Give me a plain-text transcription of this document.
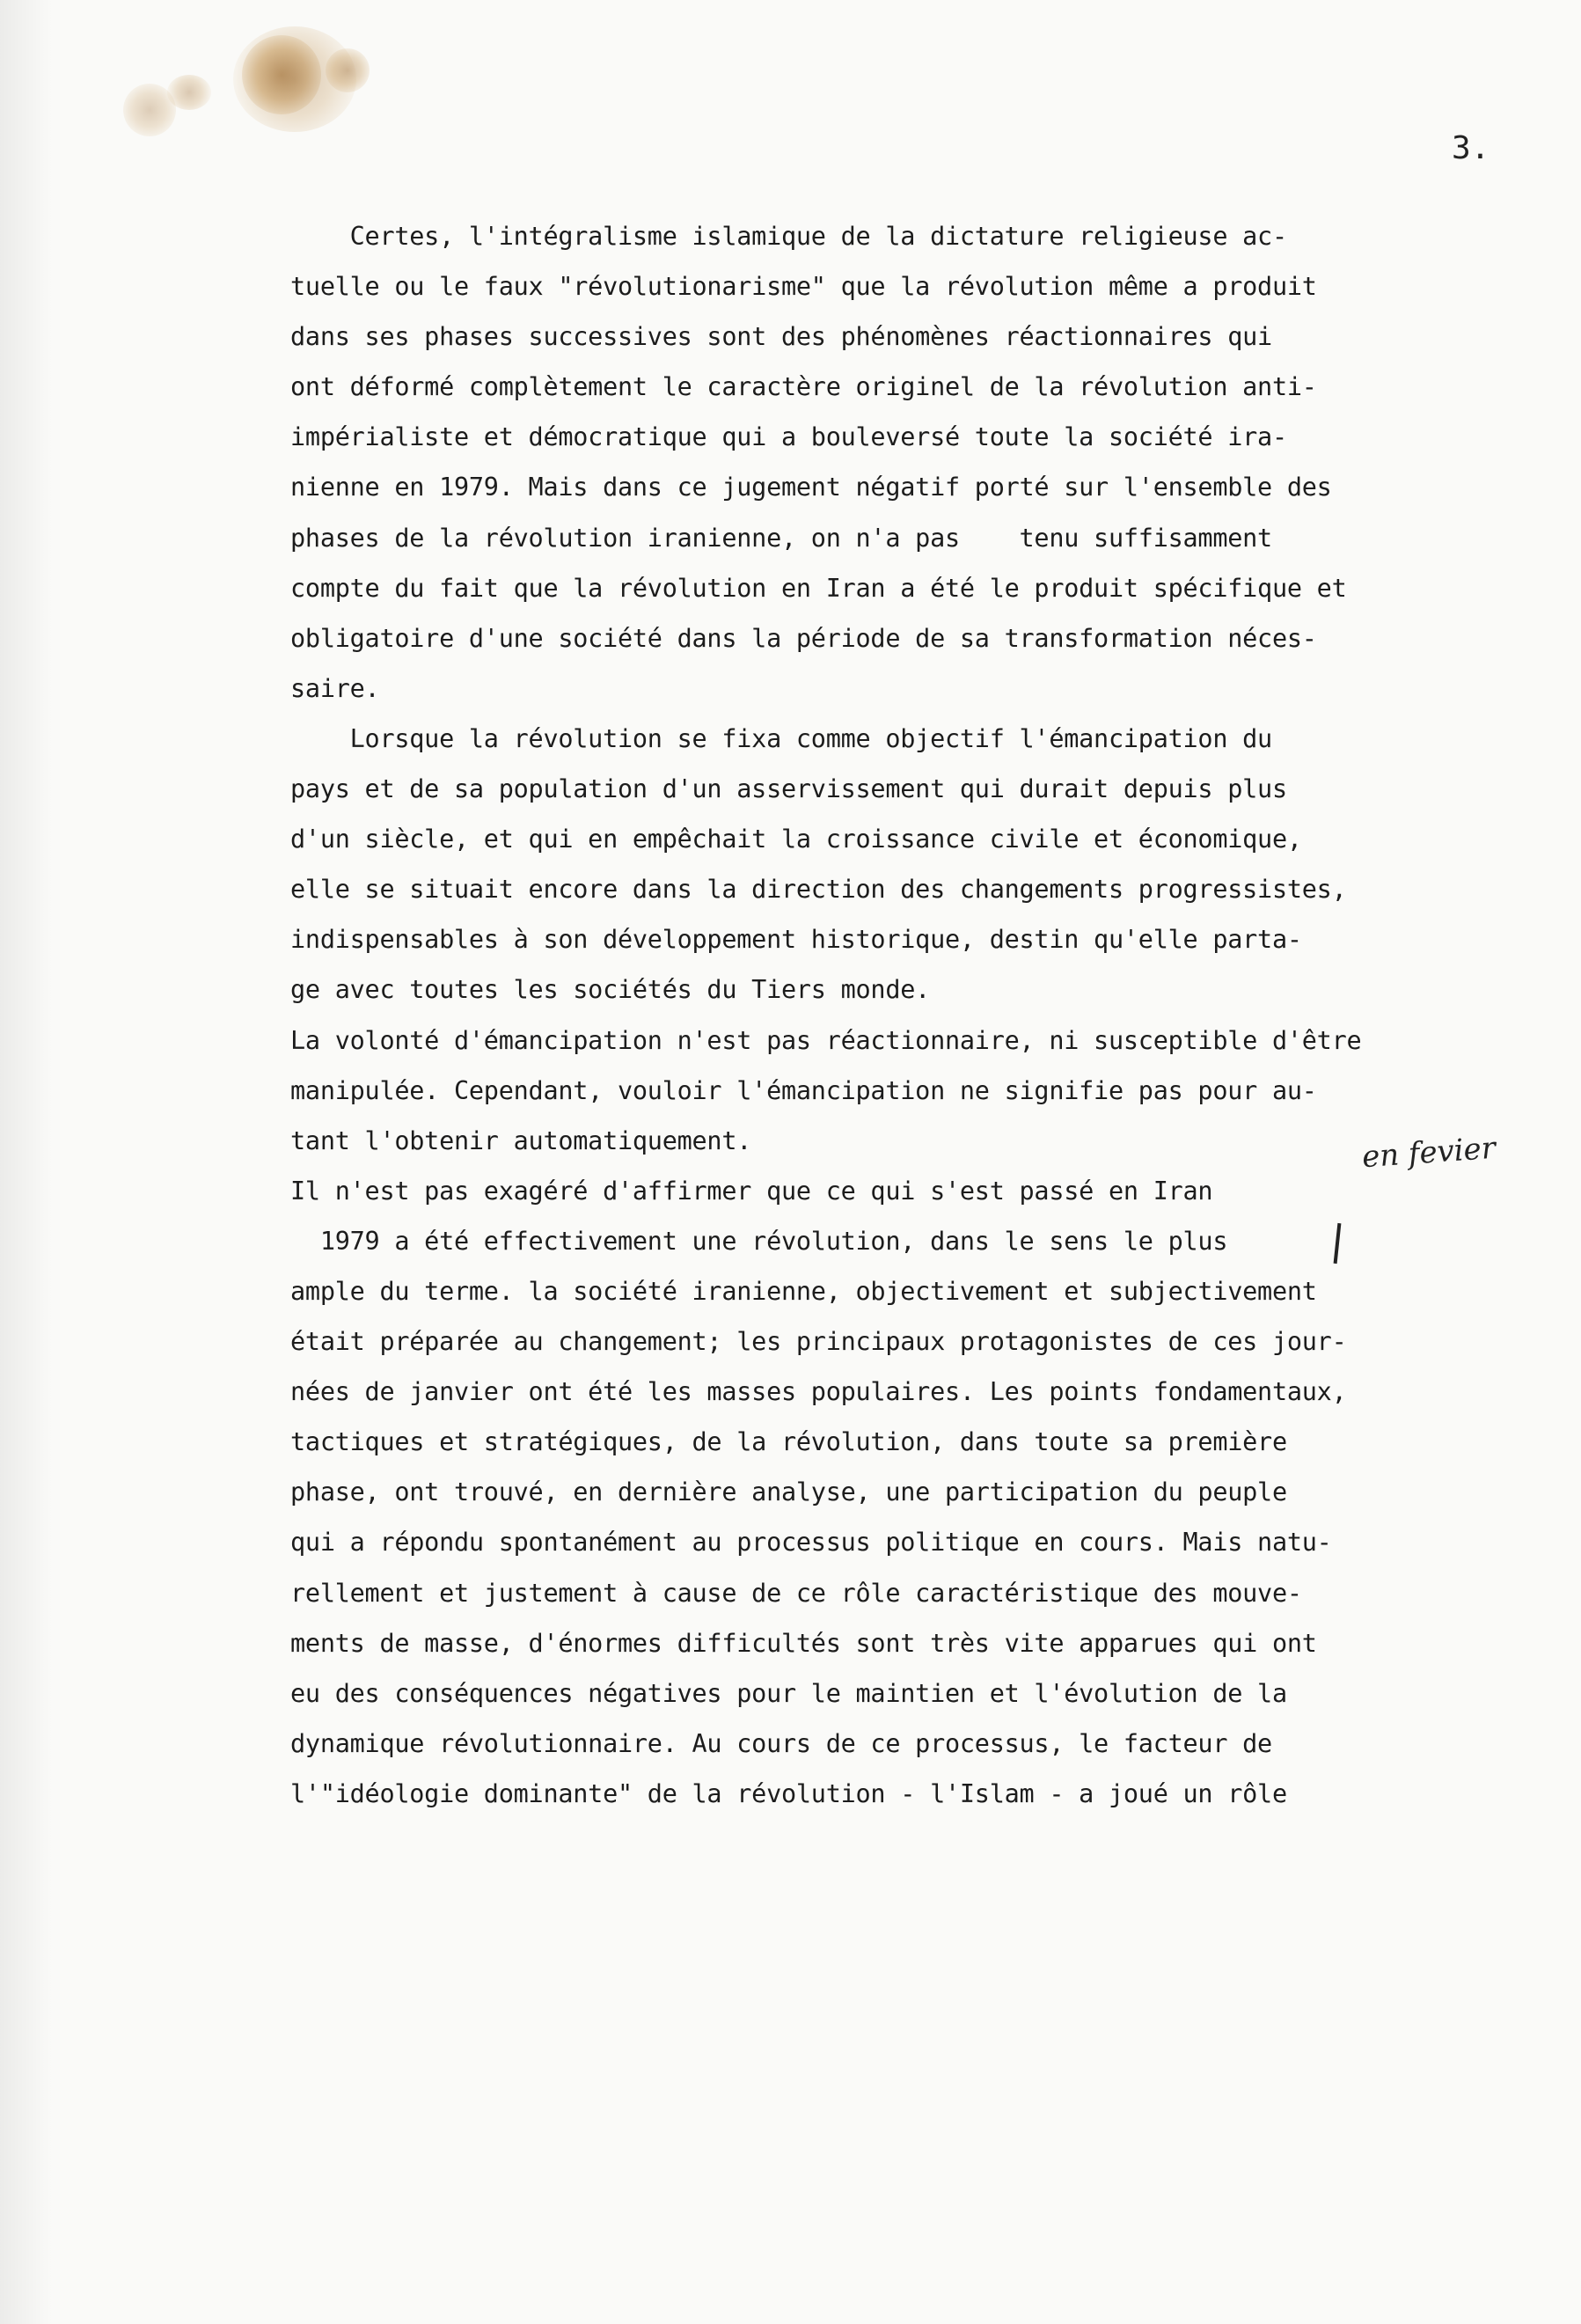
3.
Certes, l'intégralisme islamique de la dictature religieuse ac-
tuelle ou le faux "révolutionarisme" que la révolution même a produit
dans ses phases successives sont des phénomènes réactionnaires qui
ont déformé complètement le caractère originel de la révolution anti-
impérialiste et démocratique qui a bouleversé toute la société ira-
nienne en 1979. Mais dans ce jugement négatif porté sur l'ensemble des
phases de la révolution iranienne, on n'a pas    tenu suffisamment
compte du fait que la révolution en Iran a été le produit spécifique et
obligatoire d'une société dans la période de sa transformation néces-
saire.
Lorsque la révolution se fixa comme objectif l'émancipation du
pays et de sa population d'un asservissement qui durait depuis plus
d'un siècle, et qui en empêchait la croissance civile et économique,
elle se situait encore dans la direction des changements progressistes,
indispensables à son développement historique, destin qu'elle parta-
ge avec toutes les sociétés du Tiers monde.
La volonté d'émancipation n'est pas réactionnaire, ni susceptible d'être
manipulée. Cependant, vouloir l'émancipation ne signifie pas pour au-
tant l'obtenir automatiquement.
Il n'est pas exagéré d'affirmer que ce qui s'est passé en Iran
1979 a été effectivement une révolution, dans le sens le plus
ample du terme. la société iranienne, objectivement et subjectivement
était préparée au changement; les principaux protagonistes de ces jour-
nées de janvier ont été les masses populaires. Les points fondamentaux,
tactiques et stratégiques, de la révolution, dans toute sa première
phase, ont trouvé, en dernière analyse, une participation du peuple
qui a répondu spontanément au processus politique en cours. Mais natu-
rellement et justement à cause de ce rôle caractéristique des mouve-
ments de masse, d'énormes difficultés sont très vite apparues qui ont
eu des conséquences négatives pour le maintien et l'évolution de la
dynamique révolutionnaire. Au cours de ce processus, le facteur de
l'"idéologie dominante" de la révolution - l'Islam - a joué un rôle
en fevier
